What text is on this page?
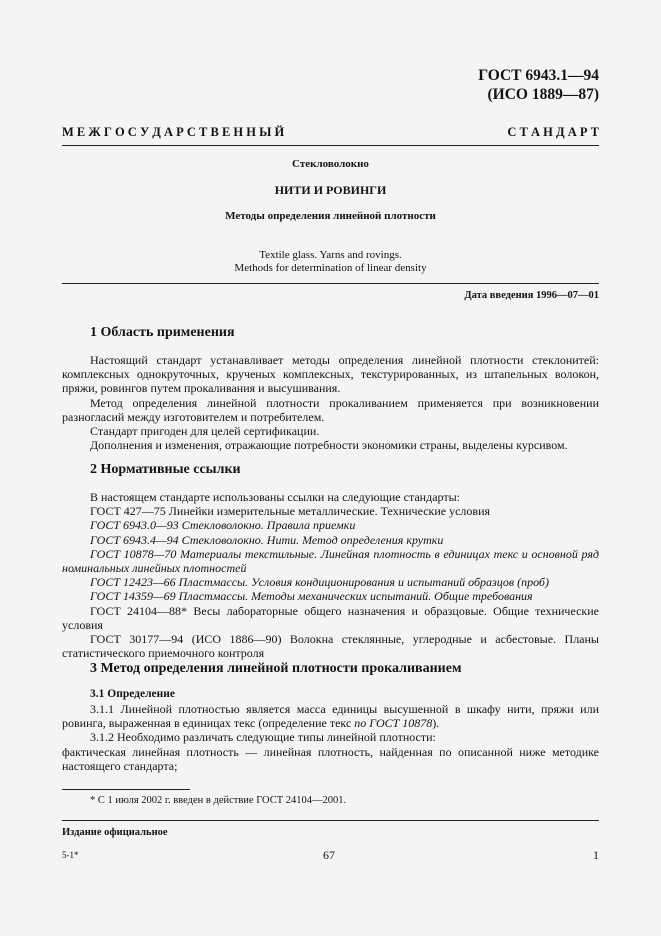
ГОСТ 6943.1—94
(ИСО 1889—87)
М Е Ж Г О С У Д А Р С Т В Е Н Н Ы Й	С Т А Н Д А Р Т
Стекловолокно
НИТИ И РОВИНГИ
Методы определения линейной плотности
Textile glass. Yarns and rovings.
Methods for determination of linear density
Дата введения 1996—07—01
1 Область применения

Настоящий стандарт устанавливает методы определения линейной плотности стеклонитей: комплексных однокруточных, крученых комплексных, текстурированных, из штапельных волокон, пряжи, ровингов путем прокаливания и высушивания.

Метод определения линейной плотности прокаливанием применяется при возникновении разногласий между изготовителем и потребителем.

Стандарт пригоден для целей сертификации.

Дополнения и изменения, отражающие потребности экономики страны, выделены курсивом.

2 Нормативные ссылки

В настоящем стандарте использованы ссылки на следующие стандарты:

ГОСТ 427—75 Линейки измерительные металлические. Технические условия

ГОСТ 6943.0—93 Стекловолокно. Правила приемки

ГОСТ 6943.4—94 Стекловолокно. Нити. Метод определения крутки

ГОСТ 10878—70 Материалы текстильные. Линейная плотность в единицах текс и основной ряд номинальных линейных плотностей

ГОСТ 12423—66 Пластмассы. Условия кондиционирования и испытаний образцов (проб)

ГОСТ 14359—69 Пластмассы. Методы механических испытаний. Общие требования

ГОСТ 24104—88* Весы лабораторные общего назначения и образцовые. Общие технические условия

ГОСТ 30177—94 (ИСО 1886—90) Волокна стеклянные, углеродные и асбестовые. Планы статистического приемочного контроля

3 Метод определения линейной плотности прокаливанием
3.1 Определение

3.1.1 Линейной плотностью является масса единицы высушенной в шкафу нити, пряжи или ровинга, выраженная в единицах текс (определение текс по ГОСТ 10878).

3.1.2 Необходимо различать следующие типы линейной плотности:

фактическая линейная плотность — линейная плотность, найденная по описанной ниже методике настоящего стандарта;

* С 1 июля 2002 г. введен в действие ГОСТ 24104—2001.
Издание официальное
5-1*	67	1
